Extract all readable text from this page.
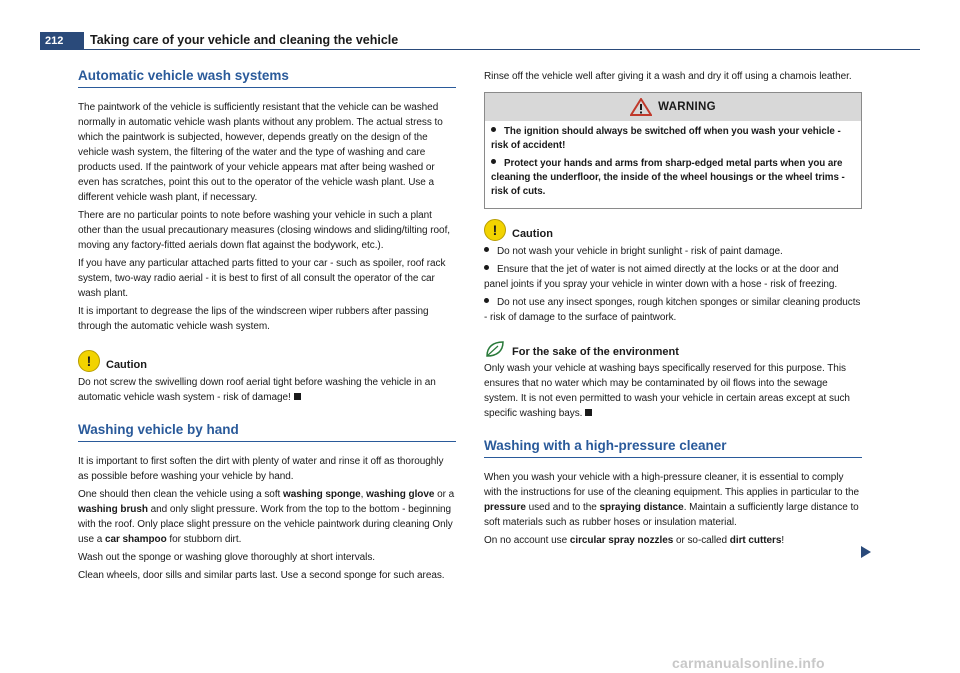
212	Taking care of your vehicle and cleaning the vehicle
Automatic vehicle wash systems

The paintwork of the vehicle is sufficiently resistant that the vehicle can be washed normally in automatic vehicle wash plants without any problem. The actual stress to which the paintwork is subjected, however, depends greatly on the design of the vehicle wash system, the filtering of the water and the type of washing and care products used. If the paintwork of your vehicle appears mat after being washed or even has scratches, point this out to the operator of the vehicle wash plant. Use a different vehicle wash plant, if necessary.

There are no particular points to note before washing your vehicle in such a plant other than the usual precautionary measures (closing windows and sliding/tilting roof, moving any factory-fitted aerials down flat against the bodywork, etc.).

If you have any particular attached parts fitted to your car - such as spoiler, roof rack system, two-way radio aerial - it is best to first of all consult the operator of the car wash plant.

It is important to degrease the lips of the windscreen wiper rubbers after passing through the automatic vehicle wash system.

!	Caution

Do not screw the swivelling down roof aerial tight before washing the vehicle in an automatic vehicle wash system - risk of damage!

Washing vehicle by hand

It is important to first soften the dirt with plenty of water and rinse it off as thoroughly as possible before washing your vehicle by hand.

One should then clean the vehicle using a soft washing sponge, washing glove or a washing brush and only slight pressure. Work from the top to the bottom - beginning with the roof. Only place slight pressure on the vehicle paintwork during cleaning Only use a car shampoo for stubborn dirt.

Wash out the sponge or washing glove thoroughly at short intervals.

Clean wheels, door sills and similar parts last. Use a second sponge for such areas.

Rinse off the vehicle well after giving it a wash and dry it off using a chamois leather.

WARNING

The ignition should always be switched off when you wash your vehicle - risk of accident!

Protect your hands and arms from sharp-edged metal parts when you are cleaning the underfloor, the inside of the wheel housings or the wheel trims - risk of cuts.

!	Caution

Do not wash your vehicle in bright sunlight - risk of paint damage.

Ensure that the jet of water is not aimed directly at the locks or at the door and panel joints if you spray your vehicle in winter down with a hose - risk of freezing.

Do not use any insect sponges, rough kitchen sponges or similar cleaning products - risk of damage to the surface of paintwork.

For the sake of the environment

Only wash your vehicle at washing bays specifically reserved for this purpose. This ensures that no water which may be contaminated by oil flows into the sewage system. It is not even permitted to wash your vehicle in certain areas except at such specific washing bays.

Washing with a high-pressure cleaner

When you wash your vehicle with a high-pressure cleaner, it is essential to comply with the instructions for use of the cleaning equipment. This applies in particular to the pressure used and to the spraying distance. Maintain a sufficiently large distance to soft materials such as rubber hoses or insulation material.

On no account use circular spray nozzles or so-called dirt cutters!

carmanualsonline.info
